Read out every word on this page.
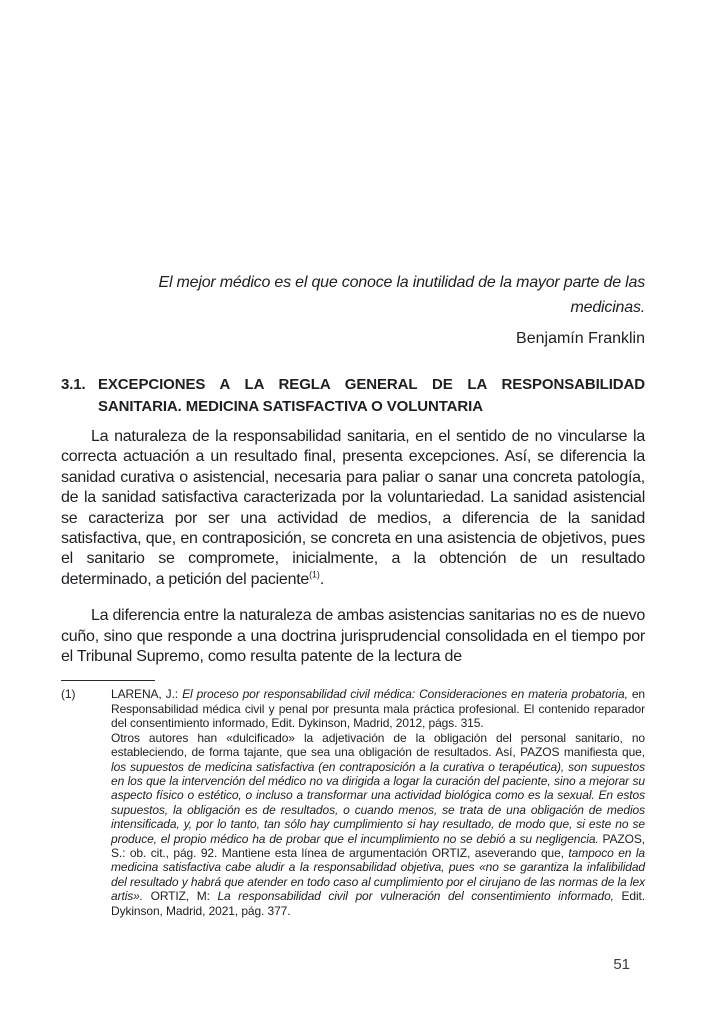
El mejor médico es el que conoce la inutilidad de la mayor parte de las medicinas.
Benjamín Franklin
3.1. EXCEPCIONES A LA REGLA GENERAL DE LA RESPONSABILIDAD
SANITARIA. MEDICINA SATISFACTIVA O VOLUNTARIA

La naturaleza de la responsabilidad sanitaria, en el sentido de no vincularse la correcta actuación a un resultado final, presenta excepciones. Así, se diferencia la sanidad curativa o asistencial, necesaria para paliar o sanar una concreta patología, de la sanidad satisfactiva caracterizada por la voluntariedad. La sanidad asistencial se caracteriza por ser una actividad de medios, a diferencia de la sanidad satisfactiva, que, en contraposición, se concreta en una asistencia de objetivos, pues el sanitario se compromete, inicialmente, a la obtención de un resultado determinado, a petición del paciente$^{(1)}$.

La diferencia entre la naturaleza de ambas asistencias sanitarias no es de nuevo cuño, sino que responde a una doctrina jurisprudencial consolidada en el tiempo por el Tribunal Supremo, como resulta patente de la lectura de

(1)	LARENA, J.: El proceso por responsabilidad civil médica: Consideraciones en materia probatoria, en Responsabilidad médica civil y penal por presunta mala práctica profesional. El contenido reparador del consentimiento informado, Edit. Dykinson, Madrid, 2012, págs. 315.
Otros autores han «dulcificado» la adjetivación de la obligación del personal sanitario, no estableciendo, de forma tajante, que sea una obligación de resultados. Así, PAZOS manifiesta que, los supuestos de medicina satisfactiva (en contraposición a la curativa o terapéutica), son supuestos en los que la intervención del médico no va dirigida a logar la curación del paciente, sino a mejorar su aspecto físico o estético, o incluso a transformar una actividad biológica como es la sexual. En estos supuestos, la obligación es de resultados, o cuando menos, se trata de una obligación de medios intensificada, y, por lo tanto, tan sólo hay cumplimiento si hay resultado, de modo que, si este no se produce, el propio médico ha de probar que el incumplimiento no se debió a su negligencia. PAZOS, S.: ob. cit., pág. 92. Mantiene esta línea de argumentación ORTIZ, aseverando que, tampoco en la medicina satisfactiva cabe aludir a la responsabilidad objetiva, pues «no se garantiza la infalibilidad del resultado y habrá que atender en todo caso al cumplimiento por el cirujano de las normas de la lex artis». ORTIZ, M: La responsabilidad civil por vulneración del consentimiento informado, Edit. Dykinson, Madrid, 2021, pág. 377.
51
